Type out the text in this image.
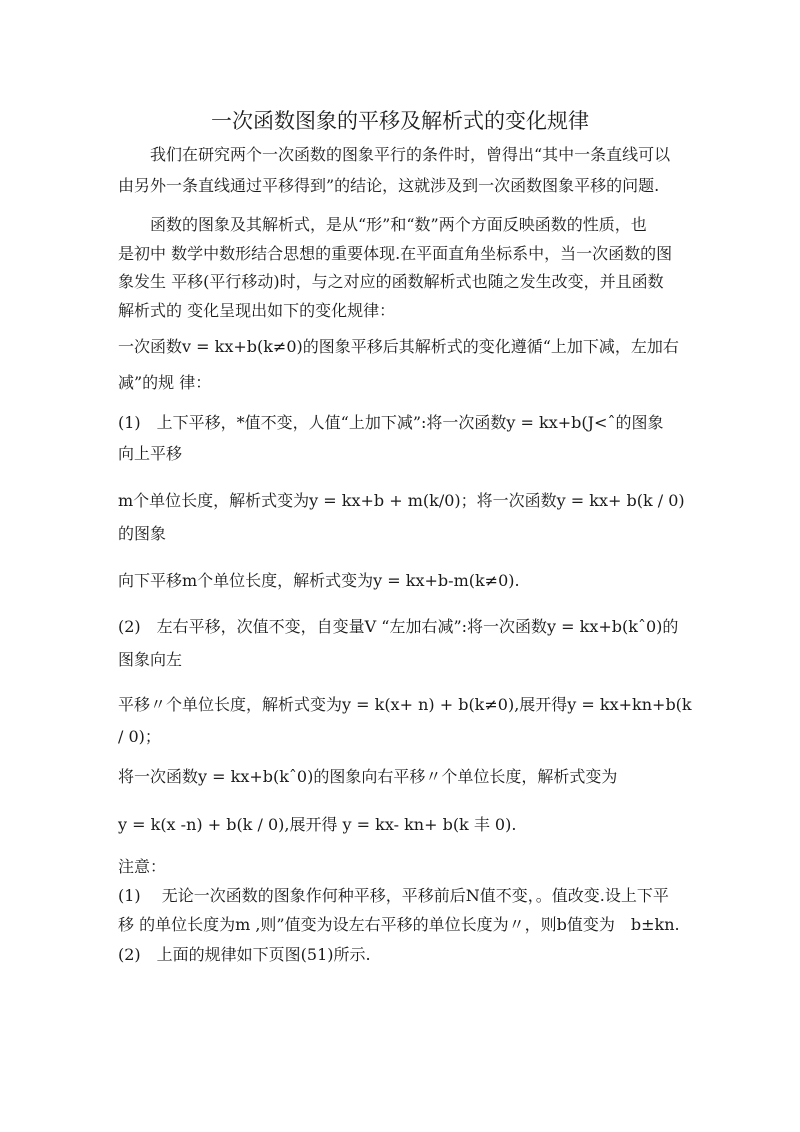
一次函数图象的平移及解析式的变化规律
　　我们在研究两个一次函数的图象平行的条件时，曾得出“其中一条直线可以
由另外一条直线通过平移得到”的结论，这就涉及到一次函数图象平移的问题.
　　函数的图象及其解析式，是从“形”和“数”两个方面反映函数的性质，也
是初中 数学中数形结合思想的重要体现.在平面直角坐标系中，当一次函数的图
象发生 平移(平行移动)时，与之对应的函数解析式也随之发生改变，并且函数
解析式的 变化呈现出如下的变化规律：
一次函数v = kx+b(k≠0)的图象平移后其解析式的变化遵循“上加下减，左加右
减”的规 律：
(1)　上下平移，*值不变，人值“上加下减”:将一次函数y = kx+b(J<ˆ的图象
向上平移
m个单位长度，解析式变为y = kx+b + m(k/0)；将一次函数y = kx+ b(k / 0)
的图象
向下平移m个单位长度，解析式变为y = kx+b-m(k≠0).
(2)　左右平移，次值不变，自变量V “左加右减”:将一次函数y = kx+b(kˆ0)的
图象向左
平移〃个单位长度，解析式变为y = k(x+ n) + b(k≠0),展开得y = kx+kn+b(k
/ 0)；
将一次函数y = kx+b(kˆ0)的图象向右平移〃个单位长度，解析式变为
y = k(x -n) + b(k / 0),展开得 y = kx- kn+ b(k 丰 0).
注意：
(1)　 无论一次函数的图象作何种平移，平移前后N值不变，。值改变.设上下平
移 的单位长度为m ,则”值变为设左右平移的单位长度为〃，则b值变为　b±kn.
(2)　上面的规律如下页图(51)所示.
